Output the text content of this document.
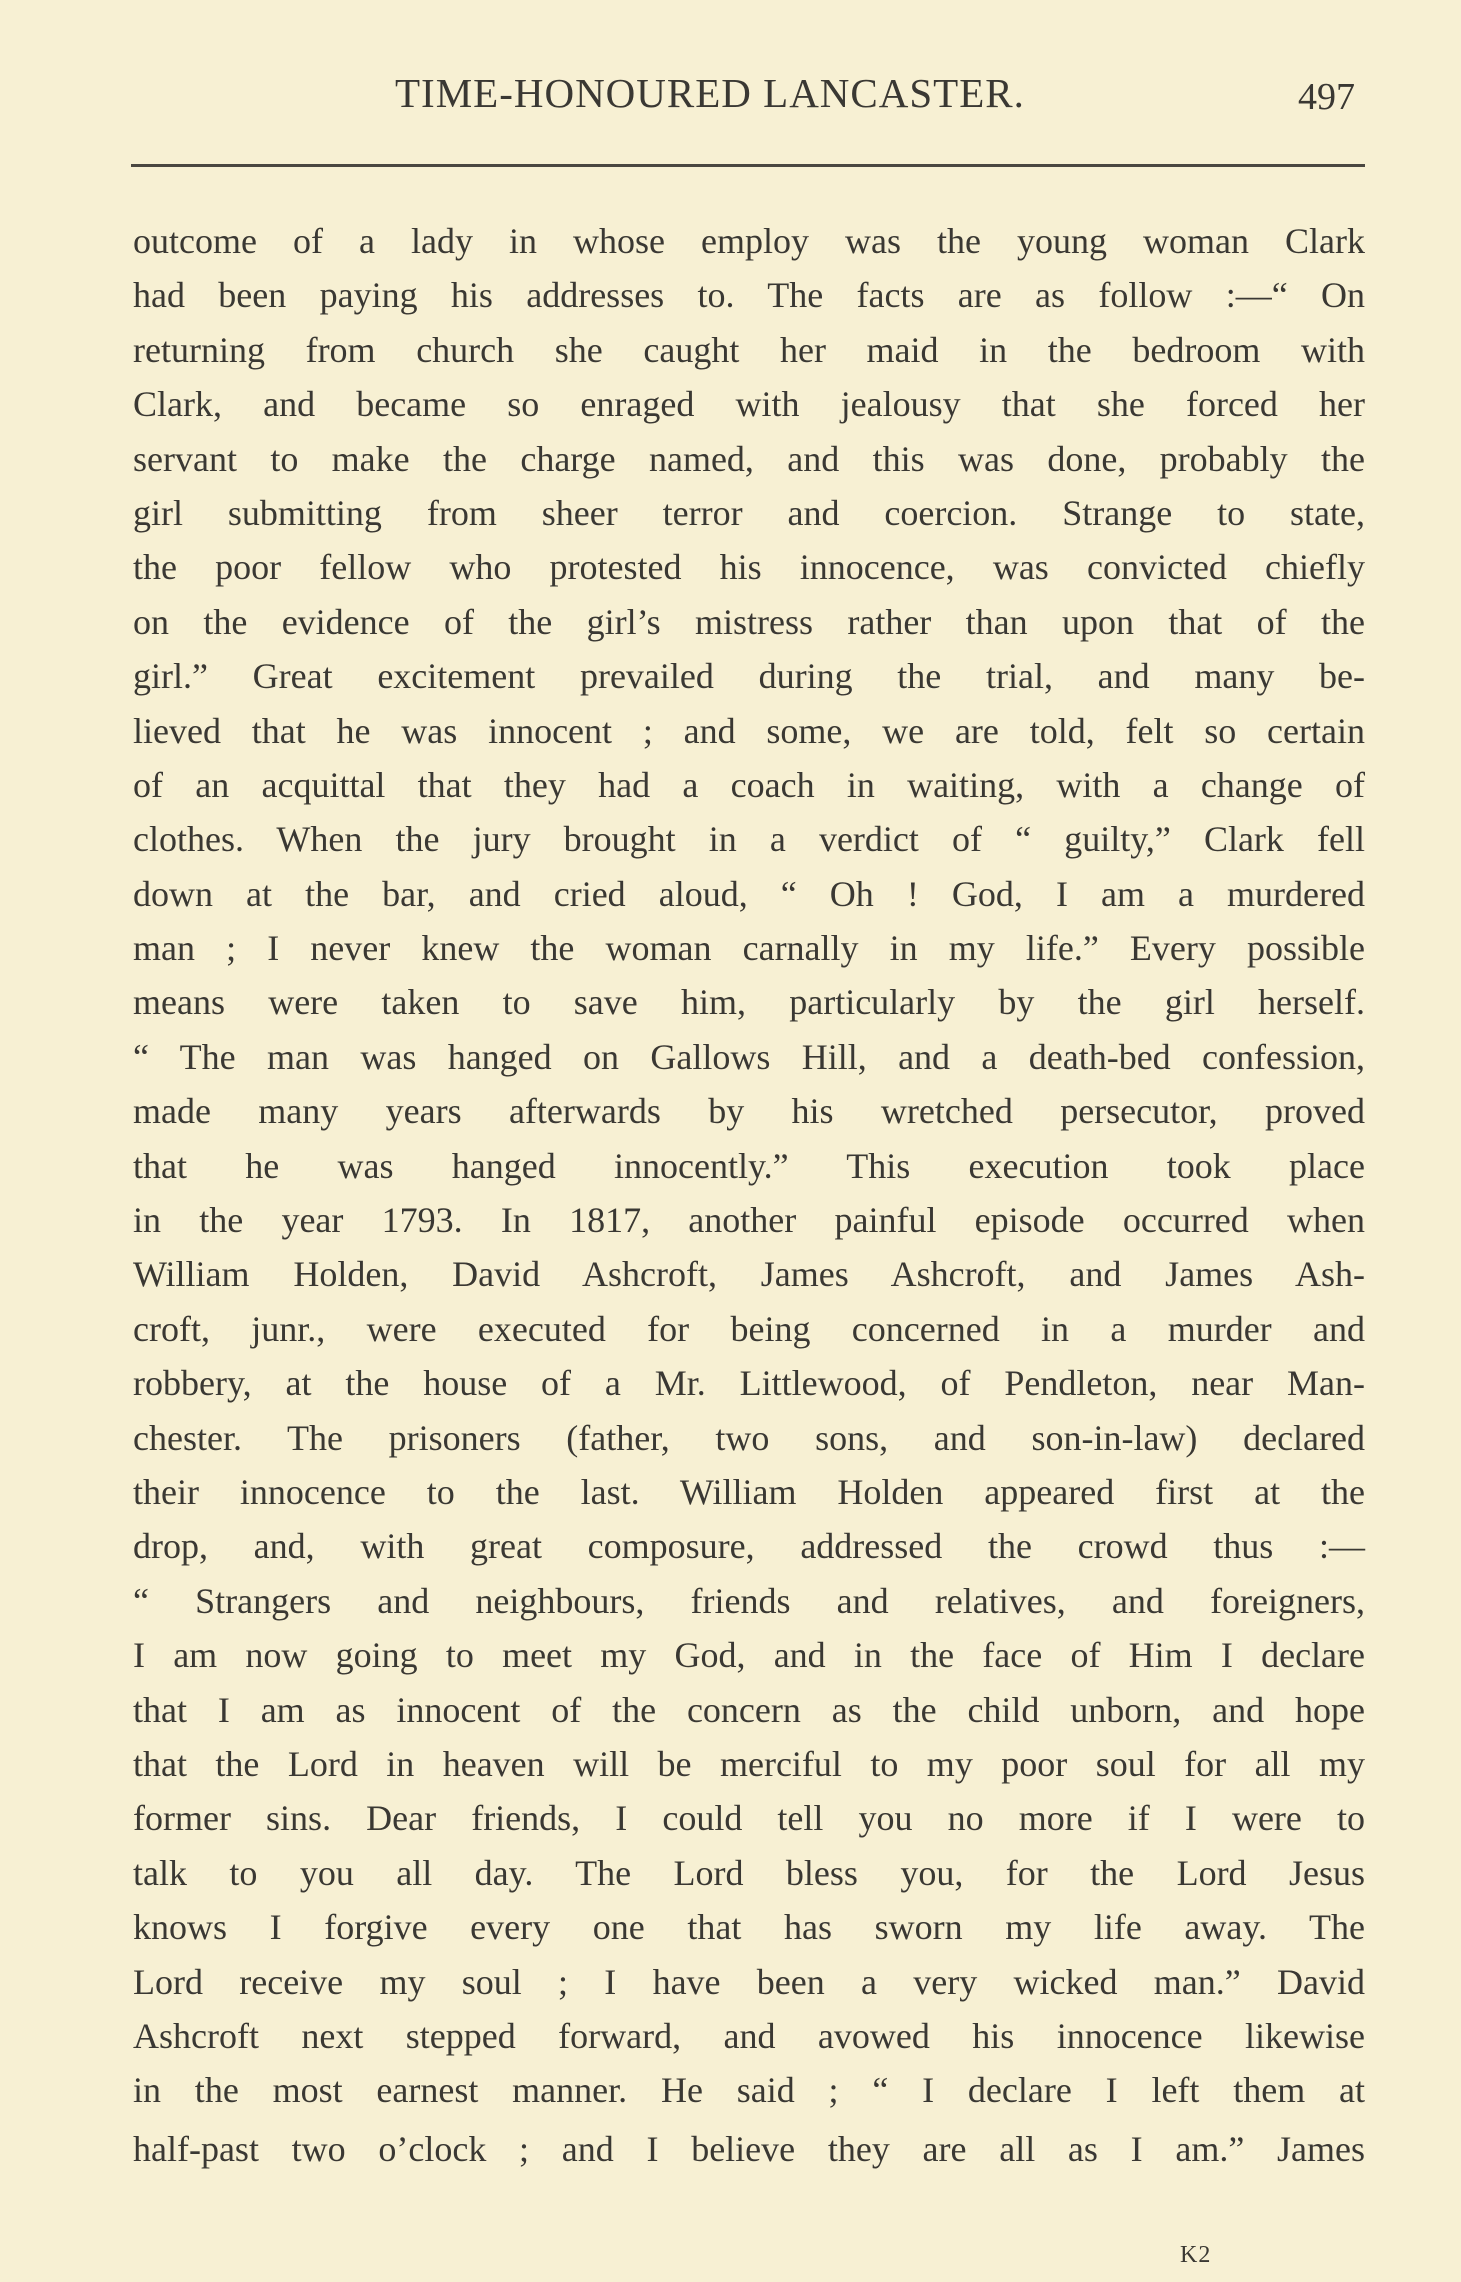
TIME-HONOURED LANCASTER.	497
outcome of a lady in whose employ was the young woman Clark
had been paying his addresses to. The facts are as follow :—“ On
returning from church she caught her maid in the bedroom with
Clark, and became so enraged with jealousy that she forced her
servant to make the charge named, and this was done, probably the
girl submitting from sheer terror and coercion. Strange to state,
the poor fellow who protested his innocence, was convicted chiefly
on the evidence of the girl’s mistress rather than upon that of the
girl.” Great excitement prevailed during the trial, and many be-
lieved that he was innocent ; and some, we are told, felt so certain
of an acquittal that they had a coach in waiting, with a change of
clothes. When the jury brought in a verdict of “ guilty,” Clark fell
down at the bar, and cried aloud, “ Oh ! God, I am a murdered
man ; I never knew the woman carnally in my life.” Every possible
means were taken to save him, particularly by the girl herself.
“ The man was hanged on Gallows Hill, and a death-bed confession,
made many years afterwards by his wretched persecutor, proved
that he was hanged innocently.” This execution took place
in the year 1793. In 1817, another painful episode occurred when
William Holden, David Ashcroft, James Ashcroft, and James Ash-
croft, junr., were executed for being concerned in a murder and
robbery, at the house of a Mr. Littlewood, of Pendleton, near Man-
chester. The prisoners (father, two sons, and son-in-law) declared
their innocence to the last. William Holden appeared first at the
drop, and, with great composure, addressed the crowd thus :—
“ Strangers and neighbours, friends and relatives, and foreigners,
I am now going to meet my God, and in the face of Him I declare
that I am as innocent of the concern as the child unborn, and hope
that the Lord in heaven will be merciful to my poor soul for all my
former sins. Dear friends, I could tell you no more if I were to
talk to you all day. The Lord bless you, for the Lord Jesus
knows I forgive every one that has sworn my life away. The
Lord receive my soul ; I have been a very wicked man.” David
Ashcroft next stepped forward, and avowed his innocence likewise
in the most earnest manner. He said ; “ I declare I left them at
half-past two o’clock ; and I believe they are all as I am.” James
K2
